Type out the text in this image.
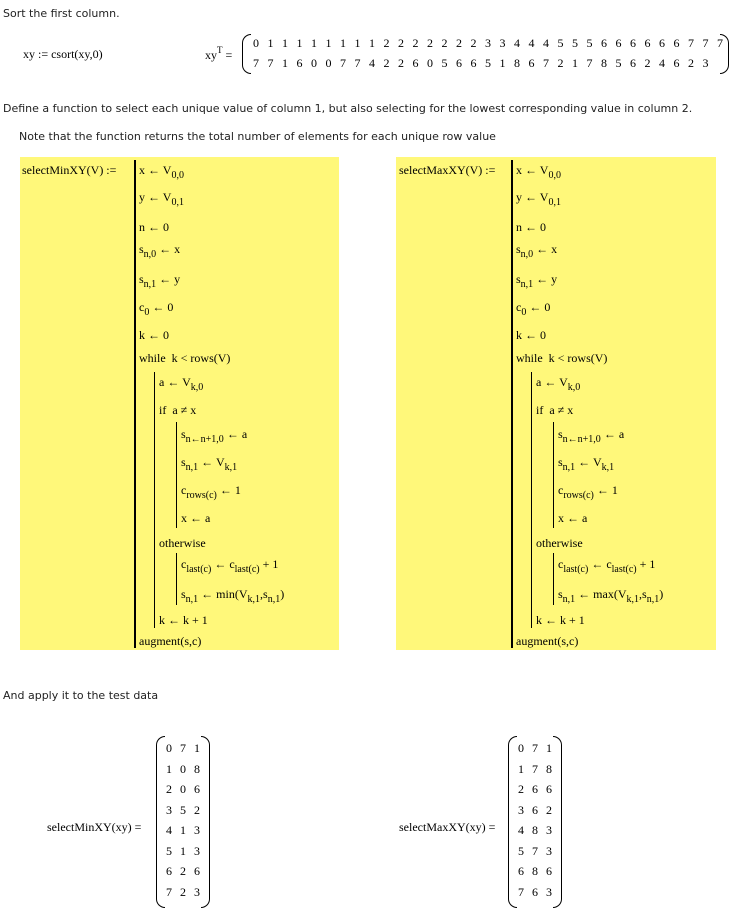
Sort the first column.
xy := csort(xy,0)	$xy^T$ =
0 1 1 1 1 1 1 1 1 2 2 2 2 2 2 2 3 3 4 4 4 5 5 5 6 6 6 6 6 6 7 7 7
7 7 1 6 0 0 7 7 4 2 2 6 0 5 6 6 5 1 8 6 7 2 1 7 8 5 6 2 4 6 2 3
Define a function to select each unique value of column 1, but also selecting for the lowest corresponding value in column 2.
Note that the function returns the total number of elements for each unique row value
selectMinXY(V) := x ← $V_{0,0}$
y ← $V_{0,1}$
n ← 0
$s_{n,0}$ ← x
$s_{n,1}$ ← y
$c_0$ ← 0
k ← 0
while  k < rows(V)
a ← $V_{k,0}$
if  a ≠ x
$s_{n\leftarrow n+1,0}$ ← a
$s_{n,1}$ ← $V_{k,1}$
$c_{rows(c)}$ ← 1
x ← a
otherwise
$c_{last(c)}$ ← $c_{last(c)} + 1$
$s_{n,1}$ ← $\min(V_{k,1},s_{n,1})$
k ← k + 1
augment(s,c)
selectMaxXY(V) := x ← $V_{0,0}$
y ← $V_{0,1}$
n ← 0
$s_{n,0}$ ← x
$s_{n,1}$ ← y
$c_0$ ← 0
k ← 0
while  k < rows(V)
a ← $V_{k,0}$
if  a ≠ x
$s_{n\leftarrow n+1,0}$ ← a
$s_{n,1}$ ← $V_{k,1}$
$c_{rows(c)}$ ← 1
x ← a
otherwise
$c_{last(c)}$ ← $c_{last(c)} + 1$
$s_{n,1}$ ← $\max(V_{k,1},s_{n,1})$
k ← k + 1
augment(s,c)
And apply it to the test data
selectMinXY(xy) =
0 7 1
1 0 8
2 0 6
3 5 2
4 1 3
5 1 3
6 2 6
7 2 3
selectMaxXY(xy) =
0 7 1
1 7 8
2 6 6
3 6 2
4 8 3
5 7 3
6 8 6
7 6 3
